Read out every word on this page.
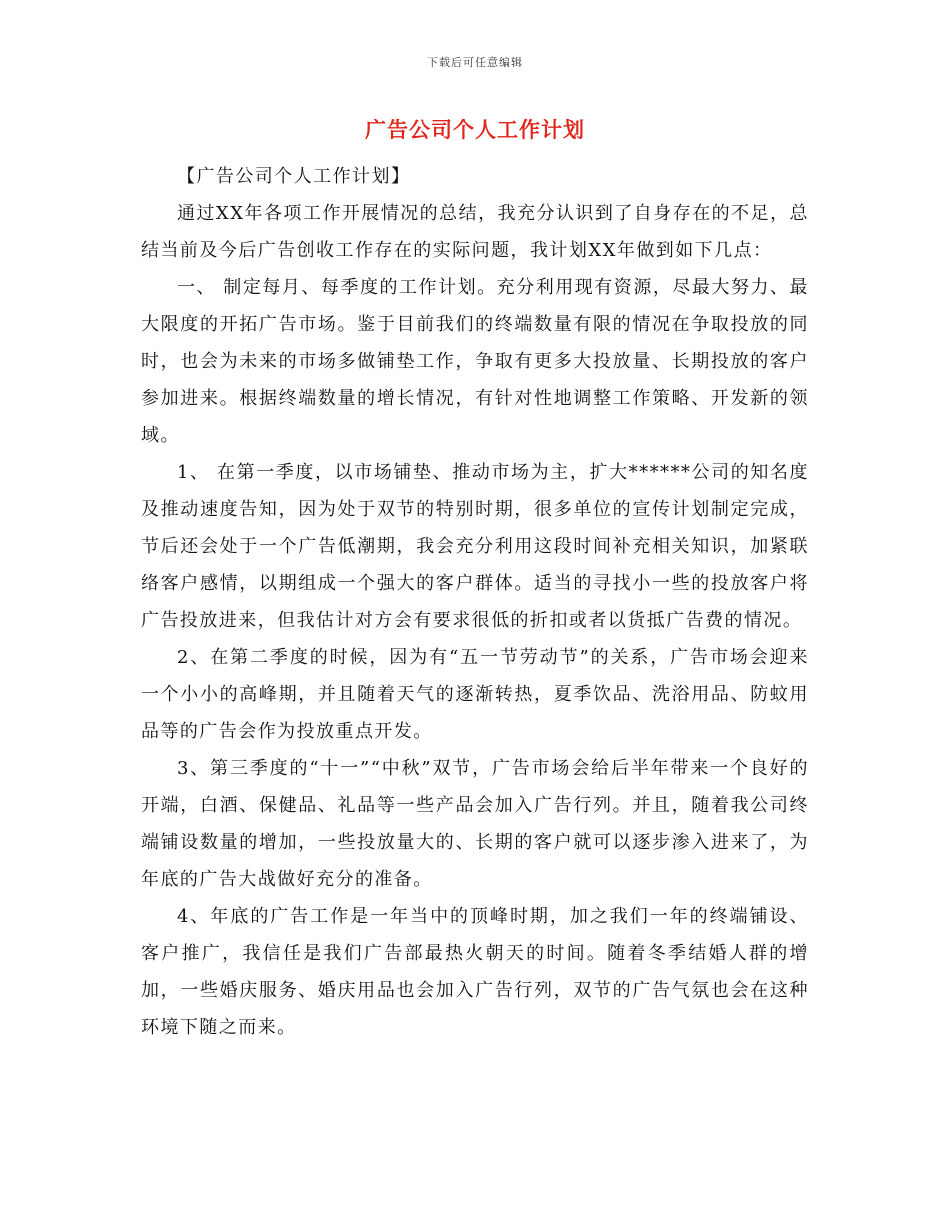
下载后可任意编辑
广告公司个人工作计划

【广告公司个人工作计划】

通过XX年各项工作开展情况的总结，我充分认识到了自身存在的不足，总结当前及今后广告创收工作存在的实际问题，我计划XX年做到如下几点：

一、 制定每月、每季度的工作计划。充分利用现有资源，尽最大努力、最大限度的开拓广告市场。鉴于目前我们的终端数量有限的情况在争取投放的同时，也会为未来的市场多做铺垫工作，争取有更多大投放量、长期投放的客户参加进来。根据终端数量的增长情况，有针对性地调整工作策略、开发新的领域。

1、 在第一季度，以市场铺垫、推动市场为主，扩大******公司的知名度及推动速度告知，因为处于双节的特别时期，很多单位的宣传计划制定完成，节后还会处于一个广告低潮期，我会充分利用这段时间补充相关知识，加紧联络客户感情，以期组成一个强大的客户群体。适当的寻找小一些的投放客户将广告投放进来，但我估计对方会有要求很低的折扣或者以货抵广告费的情况。

2、在第二季度的时候，因为有“五一节劳动节”的关系，广告市场会迎来一个小小的高峰期，并且随着天气的逐渐转热，夏季饮品、洗浴用品、防蚊用品等的广告会作为投放重点开发。

3、第三季度的“十一”“中秋”双节，广告市场会给后半年带来一个良好的开端，白酒、保健品、礼品等一些产品会加入广告行列。并且，随着我公司终端铺设数量的增加，一些投放量大的、长期的客户就可以逐步渗入进来了，为年底的广告大战做好充分的准备。

4、年底的广告工作是一年当中的顶峰时期，加之我们一年的终端铺设、客户推广，我信任是我们广告部最热火朝天的时间。随着冬季结婚人群的增加，一些婚庆服务、婚庆用品也会加入广告行列，双节的广告气氛也会在这种环境下随之而来。
